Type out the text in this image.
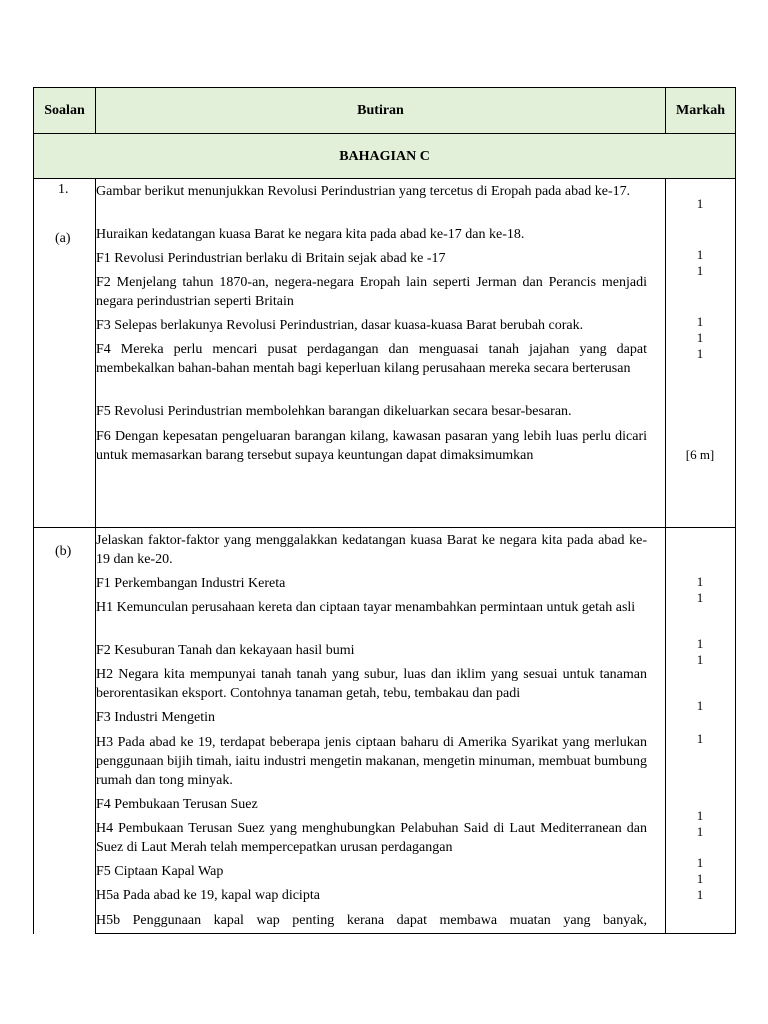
Soalan	Butiran	Markah
BAHAGIAN C
1.
(a)
(b)
Gambar berikut menunjukkan Revolusi Perindustrian yang tercetus di Eropah pada abad ke-17.
Huraikan kedatangan kuasa Barat ke negara kita pada abad ke-17 dan ke-18.
F1 Revolusi Perindustrian berlaku di Britain sejak abad ke -17
F2 Menjelang tahun 1870-an, negera-negara Eropah lain seperti Jerman dan Perancis menjadi negara perindustrian seperti Britain
F3 Selepas berlakunya Revolusi Perindustrian, dasar kuasa-kuasa Barat berubah corak.
F4 Mereka perlu mencari pusat perdagangan dan menguasai tanah jajahan yang dapat membekalkan bahan-bahan mentah bagi keperluan kilang perusahaan mereka secara berterusan
F5 Revolusi Perindustrian membolehkan barangan dikeluarkan secara besar-besaran.
F6 Dengan kepesatan pengeluaran barangan kilang, kawasan pasaran yang lebih luas perlu dicari untuk memasarkan barang tersebut supaya keuntungan dapat dimaksimumkan
1
1
1
1
1
1
[6 m]
Jelaskan faktor-faktor yang menggalakkan kedatangan kuasa Barat ke negara kita pada abad ke-19 dan ke-20.
F1 Perkembangan Industri Kereta
H1 Kemunculan perusahaan kereta dan ciptaan tayar menambahkan permintaan untuk getah asli
F2 Kesuburan Tanah dan kekayaan hasil bumi
H2 Negara kita mempunyai tanah tanah yang subur, luas dan iklim yang sesuai untuk tanaman berorentasikan eksport. Contohnya tanaman getah, tebu, tembakau dan padi
F3 Industri Mengetin
H3 Pada abad ke 19, terdapat beberapa jenis ciptaan baharu di Amerika Syarikat yang merlukan penggunaan bijih timah, iaitu industri mengetin makanan, mengetin minuman, membuat bumbung rumah dan tong minyak.
F4 Pembukaan Terusan Suez
H4 Pembukaan Terusan Suez yang menghubungkan Pelabuhan Said di Laut Mediterranean dan Suez di Laut Merah telah mempercepatkan urusan perdagangan
F5 Ciptaan Kapal Wap
H5a Pada abad ke 19, kapal wap dicipta
H5b Penggunaan kapal wap penting kerana dapat membawa muatan yang banyak,
1
1
1
1
1
1
1
1
1
1
1
